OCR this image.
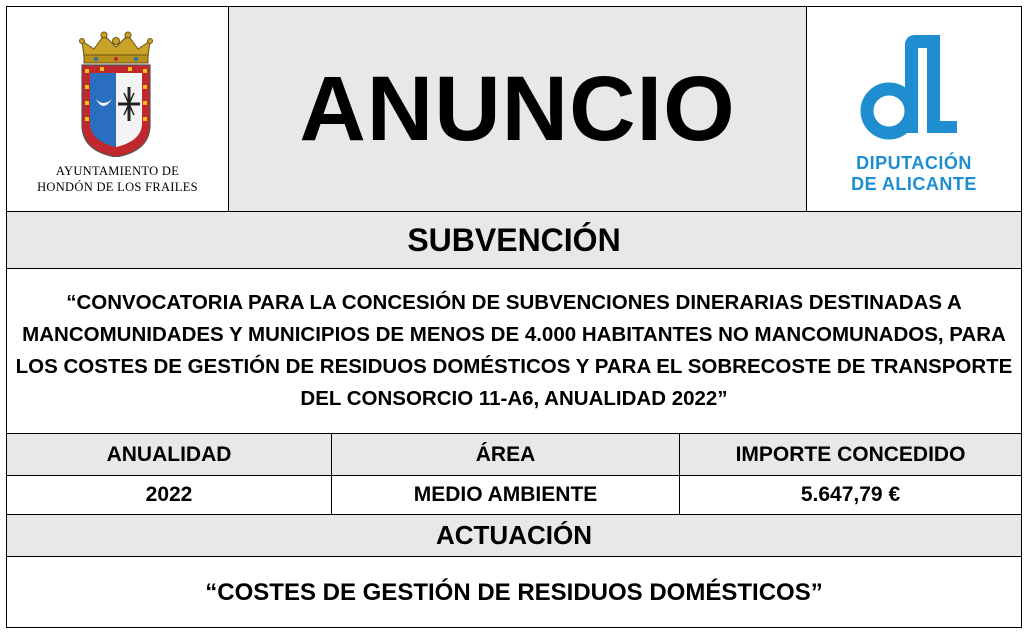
AYUNTAMIENTO DE
HONDÓN DE LOS FRAILES
ANUNCIO
DIPUTACIÓN
DE ALICANTE
SUBVENCIÓN
“CONVOCATORIA PARA LA CONCESIÓN DE SUBVENCIONES DINERARIAS DESTINADAS A MANCOMUNIDADES Y MUNICIPIOS DE MENOS DE 4.000 HABITANTES NO MANCOMUNADOS, PARA LOS COSTES DE GESTIÓN DE RESIDUOS DOMÉSTICOS Y PARA EL SOBRECOSTE DE TRANSPORTE DEL CONSORCIO 11-A6, ANUALIDAD 2022”
ANUALIDAD	ÁREA	IMPORTE CONCEDIDO
2022	MEDIO AMBIENTE	5.647,79 €
ACTUACIÓN
“COSTES DE GESTIÓN DE RESIDUOS DOMÉSTICOS”
